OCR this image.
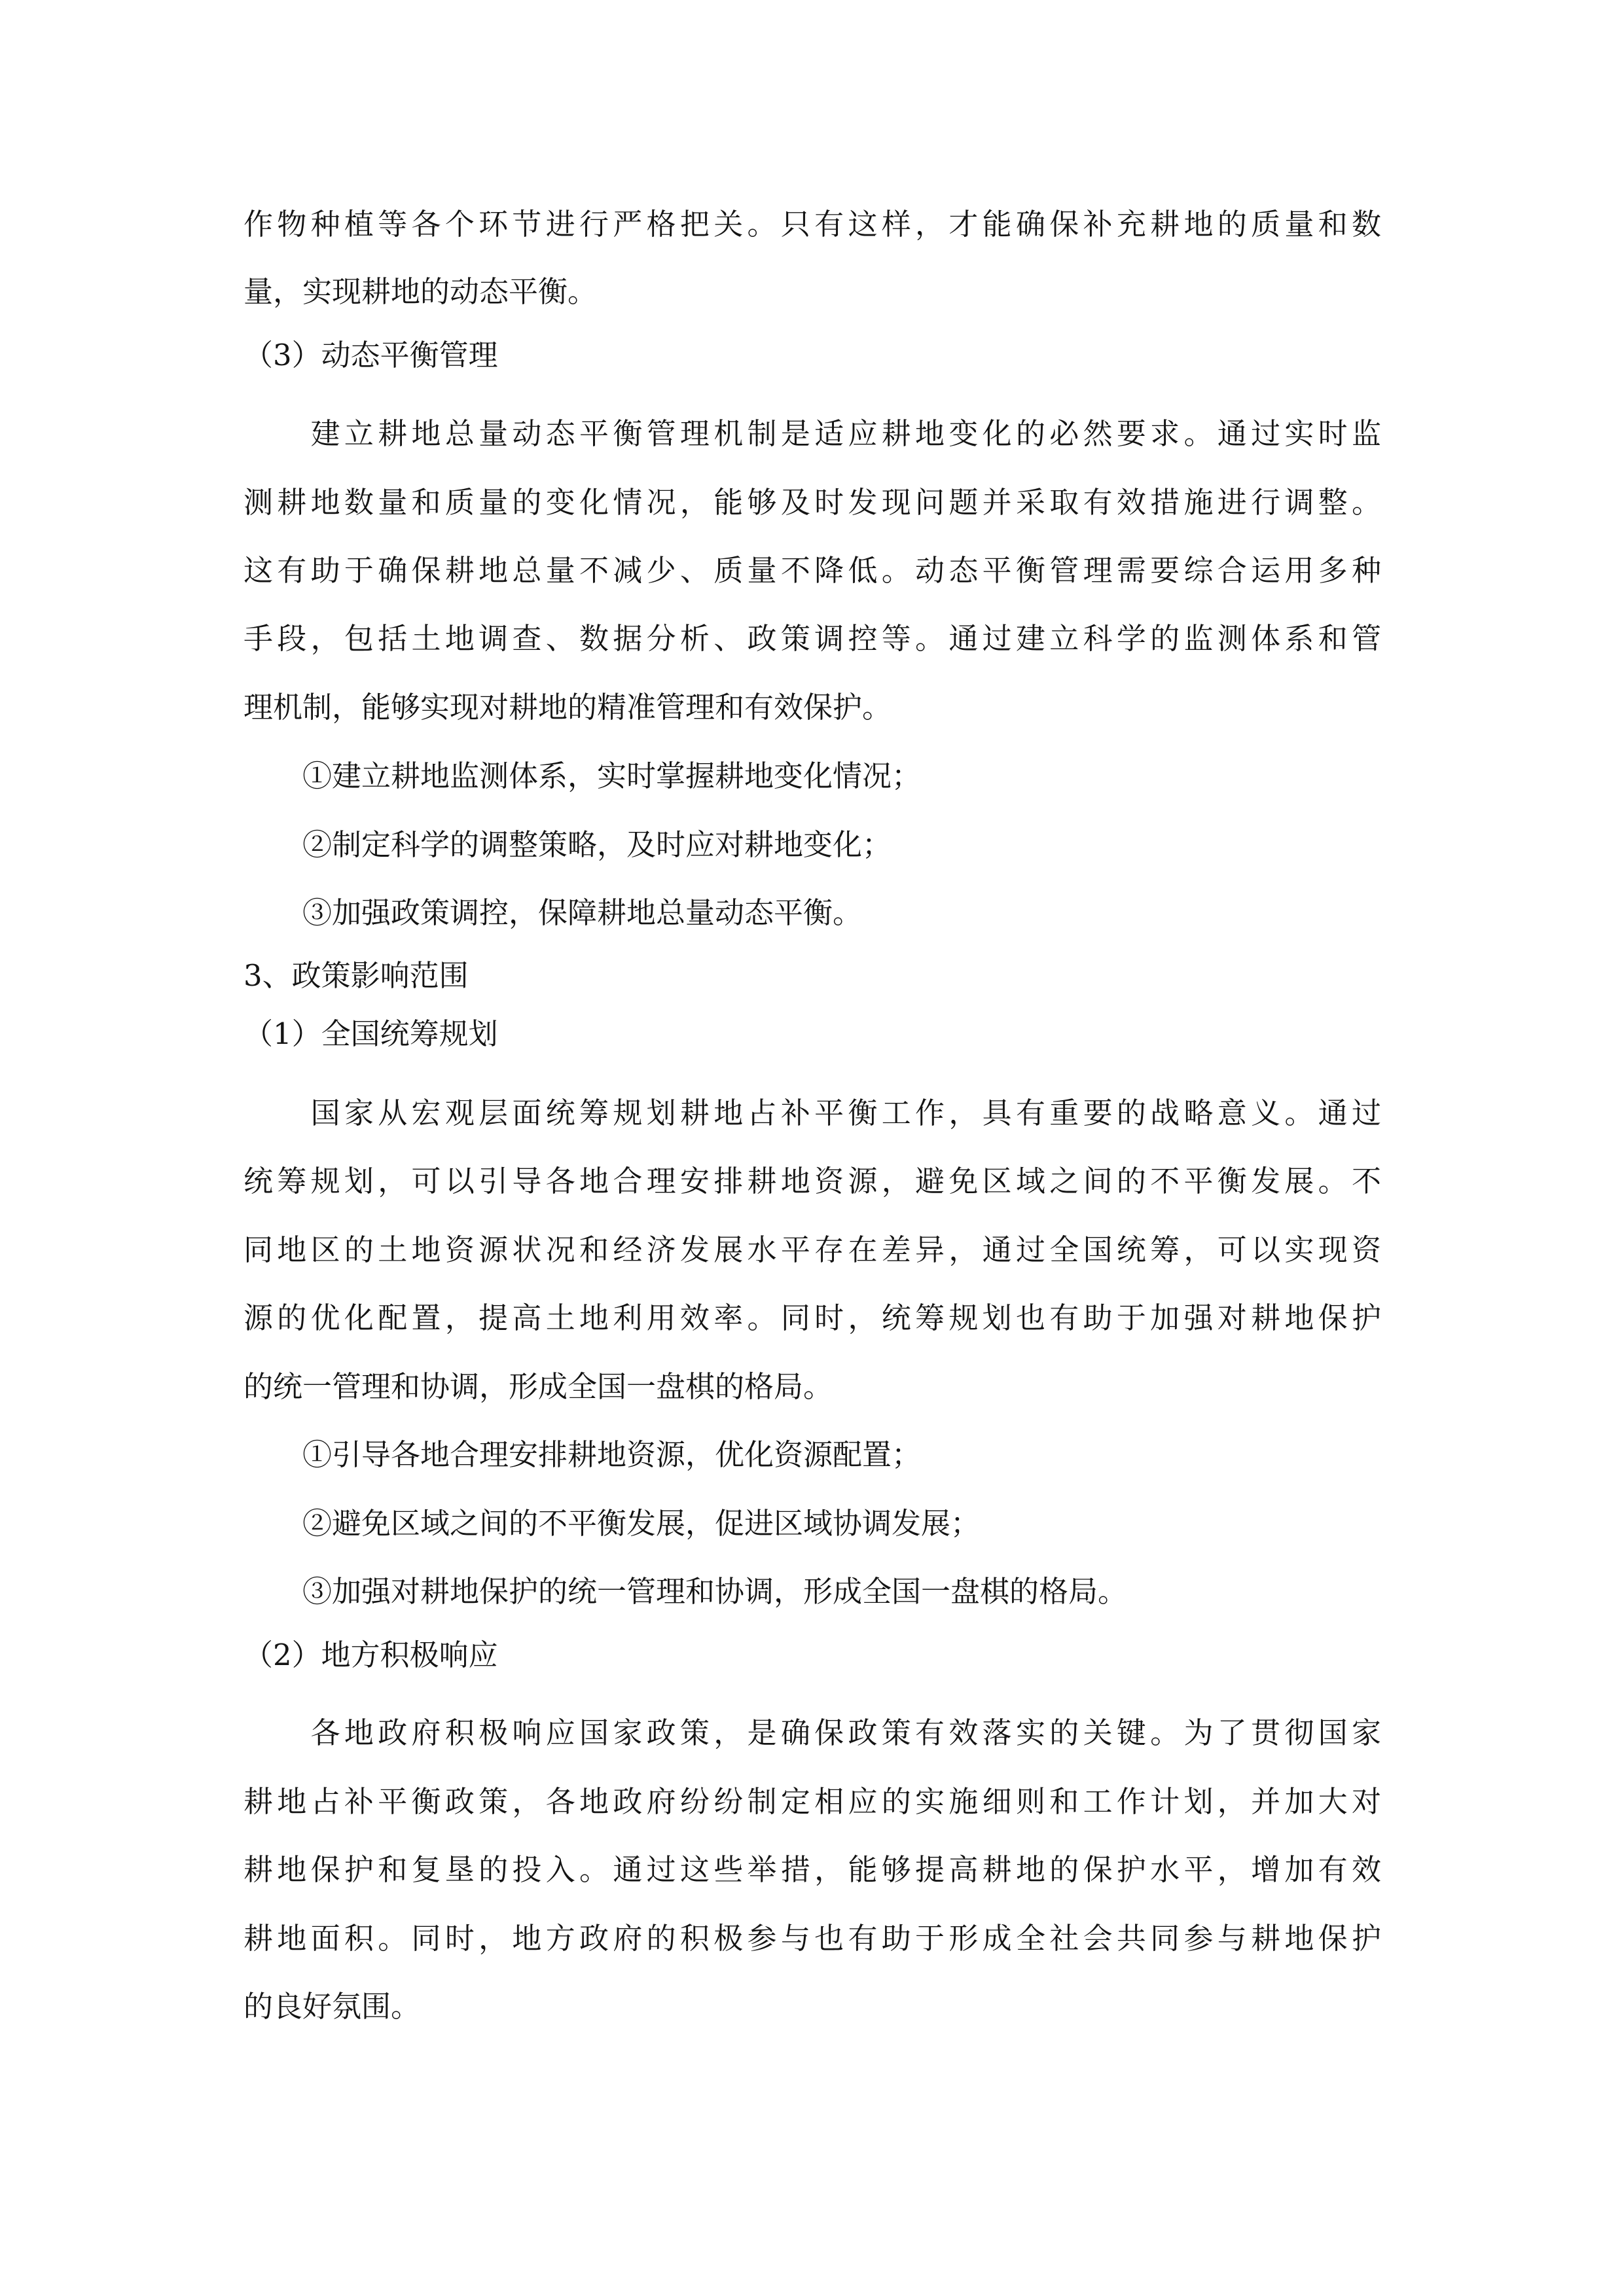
作物种植等各个环节进行严格把关。只有这样，才能确保补充耕地的质量和数

量，实现耕地的动态平衡。

（3）动态平衡管理

　　建立耕地总量动态平衡管理机制是适应耕地变化的必然要求。通过实时监

测耕地数量和质量的变化情况，能够及时发现问题并采取有效措施进行调整。

这有助于确保耕地总量不减少、质量不降低。动态平衡管理需要综合运用多种

手段，包括土地调查、数据分析、政策调控等。通过建立科学的监测体系和管

理机制，能够实现对耕地的精准管理和有效保护。

　　①建立耕地监测体系，实时掌握耕地变化情况；

　　②制定科学的调整策略，及时应对耕地变化；

　　③加强政策调控，保障耕地总量动态平衡。

3、政策影响范围

（1）全国统筹规划

　　国家从宏观层面统筹规划耕地占补平衡工作，具有重要的战略意义。通过

统筹规划，可以引导各地合理安排耕地资源，避免区域之间的不平衡发展。不

同地区的土地资源状况和经济发展水平存在差异，通过全国统筹，可以实现资

源的优化配置，提高土地利用效率。同时，统筹规划也有助于加强对耕地保护

的统一管理和协调，形成全国一盘棋的格局。

　　①引导各地合理安排耕地资源，优化资源配置；

　　②避免区域之间的不平衡发展，促进区域协调发展；

　　③加强对耕地保护的统一管理和协调，形成全国一盘棋的格局。

（2）地方积极响应

　　各地政府积极响应国家政策，是确保政策有效落实的关键。为了贯彻国家

耕地占补平衡政策，各地政府纷纷制定相应的实施细则和工作计划，并加大对

耕地保护和复垦的投入。通过这些举措，能够提高耕地的保护水平，增加有效

耕地面积。同时，地方政府的积极参与也有助于形成全社会共同参与耕地保护

的良好氛围。
